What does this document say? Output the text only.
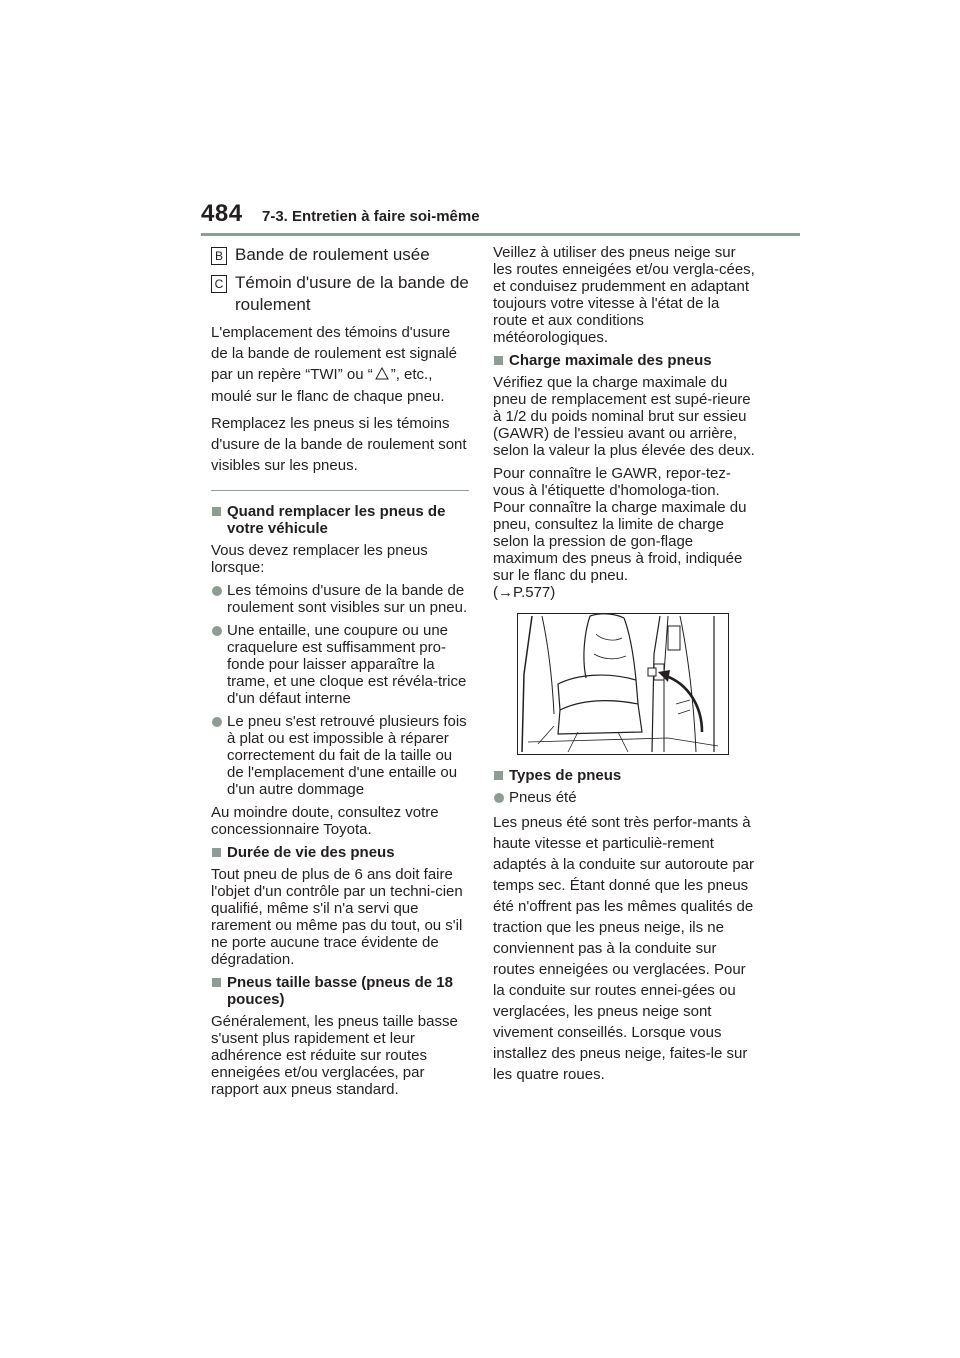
484 7-3. Entretien à faire soi-même
B Bande de roulement usée
C Témoin d'usure de la bande de roulement

L'emplacement des témoins d'usure de la bande de roulement est signalé par un repère “TWI” ou “ ”, etc., moulé sur le flanc de chaque pneu.

Remplacez les pneus si les témoins d'usure de la bande de roulement sont visibles sur les pneus.

Quand remplacer les pneus de votre véhicule

Vous devez remplacer les pneus lorsque:

Les témoins d'usure de la bande de roulement sont visibles sur un pneu.
Une entaille, une coupure ou une craquelure est suffisamment pro-fonde pour laisser apparaître la trame, et une cloque est révéla-trice d'un défaut interne
Le pneu s'est retrouvé plusieurs fois à plat ou est impossible à réparer correctement du fait de la taille ou de l'emplacement d'une entaille ou d'un autre dommage

Au moindre doute, consultez votre concessionnaire Toyota.

Durée de vie des pneus

Tout pneu de plus de 6 ans doit faire l'objet d'un contrôle par un techni-cien qualifié, même s'il n'a servi que rarement ou même pas du tout, ou s'il ne porte aucune trace évidente de dégradation.

Pneus taille basse (pneus de 18 pouces)

Généralement, les pneus taille basse s'usent plus rapidement et leur adhérence est réduite sur routes enneigées et/ou verglacées, par rapport aux pneus standard.

Veillez à utiliser des pneus neige sur les routes enneigées et/ou vergla-cées, et conduisez prudemment en adaptant toujours votre vitesse à l'état de la route et aux conditions météorologiques.

Charge maximale des pneus

Vérifiez que la charge maximale du pneu de remplacement est supé-rieure à 1/2 du poids nominal brut sur essieu (GAWR) de l'essieu avant ou arrière, selon la valeur la plus élevée des deux.

Pour connaître le GAWR, repor-tez-vous à l'étiquette d'homologa-tion.

Pour connaître la charge maximale du pneu, consultez la limite de charge selon la pression de gon-flage maximum des pneus à froid, indiquée sur le flanc du pneu.

(→P.577)

Types de pneus
Pneus été

Les pneus été sont très perfor-mants à haute vitesse et particuliè-rement adaptés à la conduite sur autoroute par temps sec. Étant donné que les pneus été n'offrent pas les mêmes qualités de traction que les pneus neige, ils ne conviennent pas à la conduite sur routes enneigées ou verglacées. Pour la conduite sur routes ennei-gées ou verglacées, les pneus neige sont vivement conseillés. Lorsque vous installez des pneus neige, faites-le sur les quatre roues.
